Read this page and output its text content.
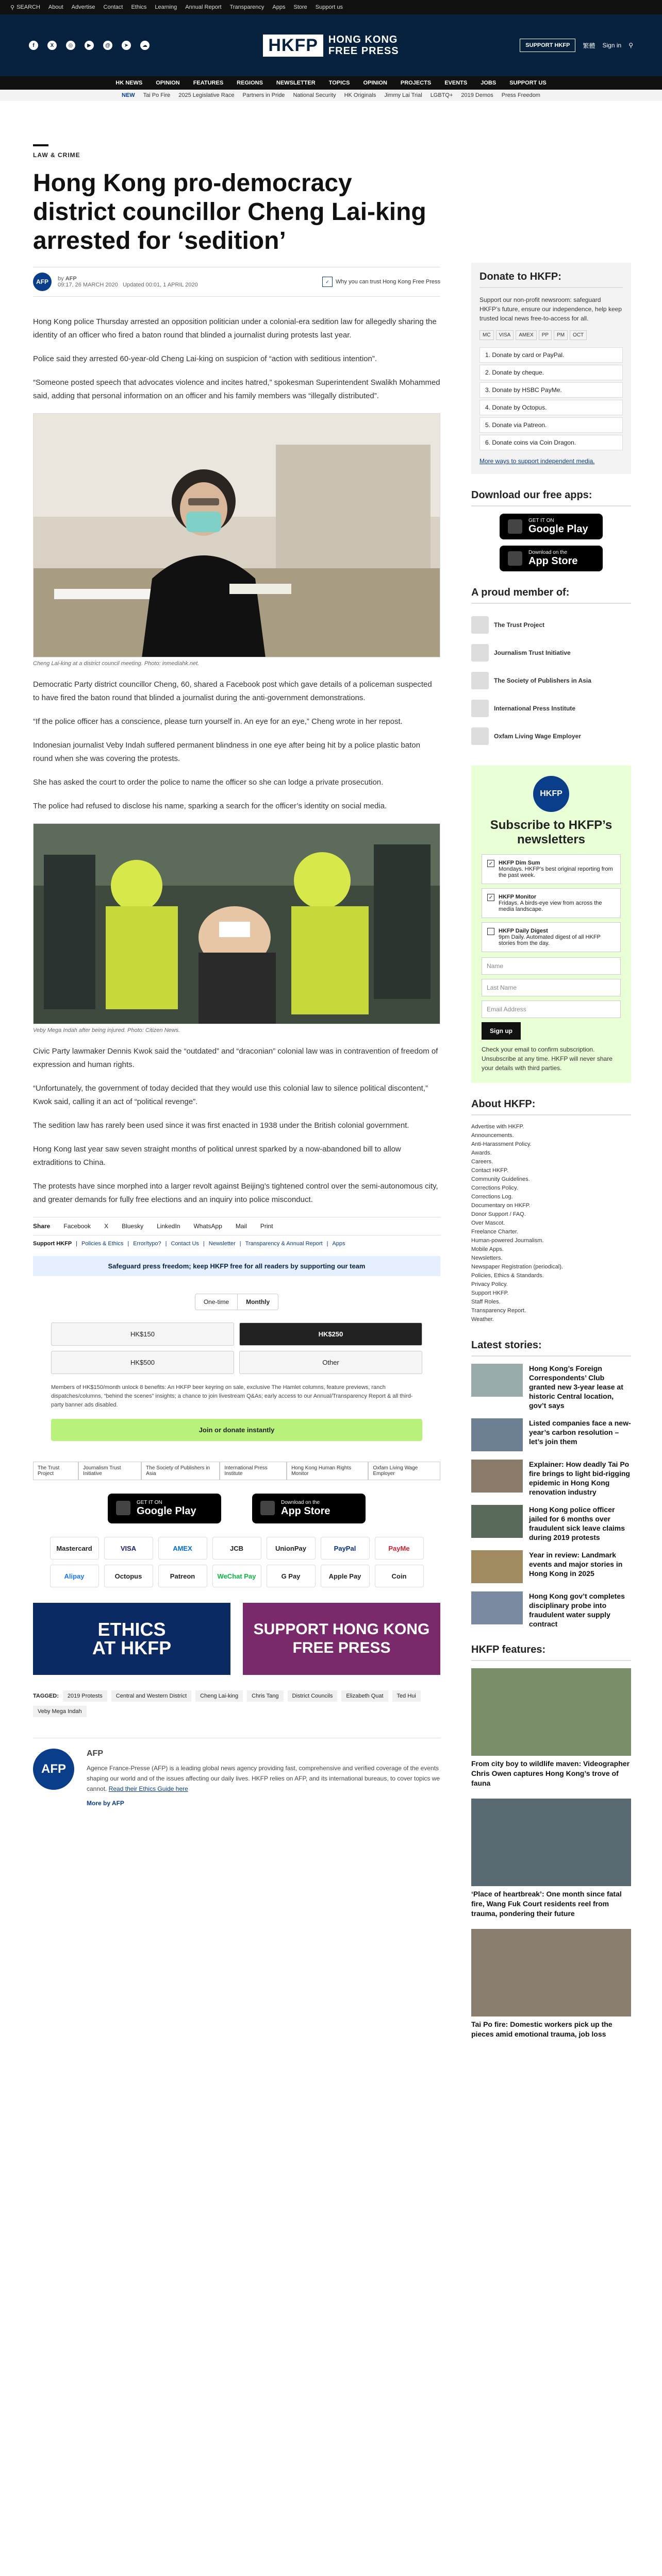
⚲ SEARCH About Advertise Contact Ethics Learning Annual Report Transparency Apps Store Support us
f	X	◎	▶	@	➤	☁	HKFP	HONG KONG
FREE PRESS	SUPPORT HKFP	繁體 Sign in ⚲
HK NEWS OPINION FEATURES REGIONS NEWSLETTER TOPICS OPINION PROJECTS EVENTS JOBS SUPPORT US
NEW Tai Po Fire 2025 Legislative Race Partners in Pride National Security HK Originals Jimmy Lai Trial LGBTQ+ 2019 Demos Press Freedom
LAW & CRIME
Hong Kong pro-democracy district councillor Cheng Lai-king arrested for ‘sedition’
AFP	by AFP
09:17, 26 MARCH 2020 Updated 00:01, 1 APRIL 2020
✓	Why you can trust Hong Kong Free Press

Hong Kong police Thursday arrested an opposition politician under a colonial-era sedition law for allegedly sharing the identity of an officer who fired a baton round that blinded a journalist during protests last year.

Police said they arrested 60-year-old Cheng Lai-king on suspicion of “action with seditious intention”.

“Someone posted speech that advocates violence and incites hatred,” spokesman Superintendent Swalikh Mohammed said, adding that personal information on an officer and his family members was “illegally distributed”.

Cheng Lai-king at a district council meeting. Photo: inmediahk.net.

Democratic Party district councillor Cheng, 60, shared a Facebook post which gave details of a policeman suspected to have fired the baton round that blinded a journalist during the anti-government demonstrations.

“If the police officer has a conscience, please turn yourself in. An eye for an eye,” Cheng wrote in her repost.

Indonesian journalist Veby Indah suffered permanent blindness in one eye after being hit by a police plastic baton round when she was covering the protests.

She has asked the court to order the police to name the officer so she can lodge a private prosecution.

The police had refused to disclose his name, sparking a search for the officer’s identity on social media.

Veby Mega Indah after being injured. Photo: Citizen News.

Civic Party lawmaker Dennis Kwok said the “outdated” and “draconian” colonial law was in contravention of freedom of expression and human rights.

“Unfortunately, the government of today decided that they would use this colonial law to silence political discontent,” Kwok said, calling it an act of “political revenge”.

The sedition law has rarely been used since it was first enacted in 1938 under the British colonial government.

Hong Kong last year saw seven straight months of political unrest sparked by a now-abandoned bill to allow extraditions to China.

The protests have since morphed into a larger revolt against Beijing’s tightened control over the semi-autonomous city, and greater demands for fully free elections and an inquiry into police misconduct.

Share Facebook X Bluesky LinkedIn WhatsApp Mail Print
Support HKFP | Policies & Ethics | Error/typo? | Contact Us | Newsletter | Transparency & Annual Report | Apps
Safeguard press freedom; keep HKFP free for all readers by supporting our team
One-time	Monthly
HK$150	HK$250
HK$500	Other
Members of HK$150/month unlock 8 benefits: An HKFP beer keyring on sale, exclusive The Hamlet columns, feature previews, ranch dispatches/columns, “behind the scenes” insights; a chance to join livestream Q&As; early access to our Annual/Transparency Report & all third-party banner ads disabled.
Join or donate instantly
The Trust Project
Journalism Trust Initiative
The Society of Publishers in Asia
International Press Institute
Hong Kong Human Rights Monitor
Oxfam Living Wage Employer
GET IT ON
Google Play
Download on the
App Store
Mastercard	VISA	AMEX	JCB	UnionPay	PayPal	PayMe
Alipay	Octopus	Patreon	WeChat Pay	G Pay	Apple Pay	Coin
ETHICS
AT HKFP
SUPPORT HONG KONG FREE PRESS
TAGGED:	2019 Protests	Central and Western District	Cheng Lai-king	Chris Tang	District Councils	Elizabeth Quat	Ted Hui
Veby Mega Indah
AFP
AFP
Agence France-Presse (AFP) is a leading global news agency providing fast, comprehensive and verified coverage of the events shaping our world and of the issues affecting our daily lives. HKFP relies on AFP, and its international bureaus, to cover topics we cannot. Read their Ethics Guide here
More by AFP
Donate to HKFP:
Support our non-profit newsroom: safeguard HKFP’s future, ensure our independence, help keep trusted local news free-to-access for all.
MC	VISA	AMEX	PP	PM	OCT
1. Donate by card or PayPal.
2. Donate by cheque.
3. Donate by HSBC PayMe.
4. Donate by Octopus.
5. Donate via Patreon.
6. Donate coins via Coin Dragon.
More ways to support independent media.
Download our free apps:
GET IT ON
Google Play
Download on the
App Store
A proud member of:
The Trust Project
Journalism Trust Initiative
The Society of Publishers in Asia
International Press Institute
Oxfam Living Wage Employer
HKFP
Subscribe to HKFP’s newsletters
✓ HKFP Dim Sum
Mondays. HKFP’s best original reporting from the past week.
✓ HKFP Monitor
Fridays. A birds-eye view from across the media landscape.
HKFP Daily Digest
9pm Daily. Automated digest of all HKFP stories from the day.
Name
Last Name
Email Address
Sign up
Check your email to confirm subscription. Unsubscribe at any time. HKFP will never share your details with third parties.
About HKFP:
Advertise with HKFP.
Announcements.
Anti-Harassment Policy.
Awards.
Careers.
Contact HKFP.
Community Guidelines.
Corrections Policy.
Corrections Log.
Documentary on HKFP.
Donor Support / FAQ.
Over Mascot.
Freelance Charter.
Human-powered Journalism.
Mobile Apps.
Newsletters.
Newspaper Registration (periodical).
Policies, Ethics & Standards.
Privacy Policy.
Support HKFP.
Staff Roles.
Transparency Report.
Weather.
Latest stories:
Hong Kong’s Foreign Correspondents’ Club granted new 3-year lease at historic Central location, gov’t says
Listed companies face a new-year’s carbon resolution – let’s join them
Explainer: How deadly Tai Po fire brings to light bid-rigging epidemic in Hong Kong renovation industry
Hong Kong police officer jailed for 6 months over fraudulent sick leave claims during 2019 protests
Year in review: Landmark events and major stories in Hong Kong in 2025
Hong Kong gov’t completes disciplinary probe into fraudulent water supply contract
HKFP features:
From city boy to wildlife maven: Videographer Chris Owen captures Hong Kong’s trove of fauna
‘Place of heartbreak’: One month since fatal fire, Wang Fuk Court residents reel from trauma, pondering their future
Tai Po fire: Domestic workers pick up the pieces amid emotional trauma, job loss
